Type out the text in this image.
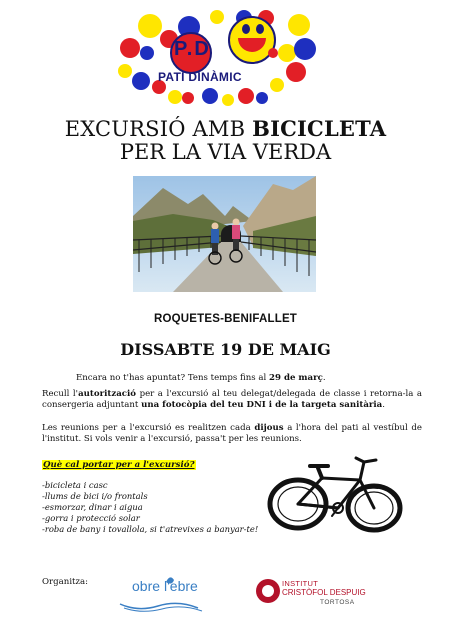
P.D
PATI DINÀMIC
EXCURSIÓ AMB BICICLETA
PER LA VIA VERDA
ROQUETES-BENIFALLET
DISSABTE 19 DE MAIG
Encara no t'has apuntat? Tens temps fins al 29 de març.
Recull l'autorització per a l'excursió al teu delegat/delegada de classe i retorna-la a consergeria adjuntant una fotocòpia del teu DNI i de la targeta sanitària.
Les reunions per a l'excursió es realitzen cada dijous a l'hora del pati al vestíbul de l'institut. Si vols venir a l'excursió, passa't per les reunions.
Què cal portar per a l'excursió?
-bicicleta i casc
-llums de bici i/o frontals
-esmorzar, dinar i aigua
-gorra i protecció solar
-roba de bany i tovallola, si t'atrevixes a banyar-te!
Organitza:	obre l'ebre	INSTITUT
CRISTÒFOL DESPUIG
TORTOSA
